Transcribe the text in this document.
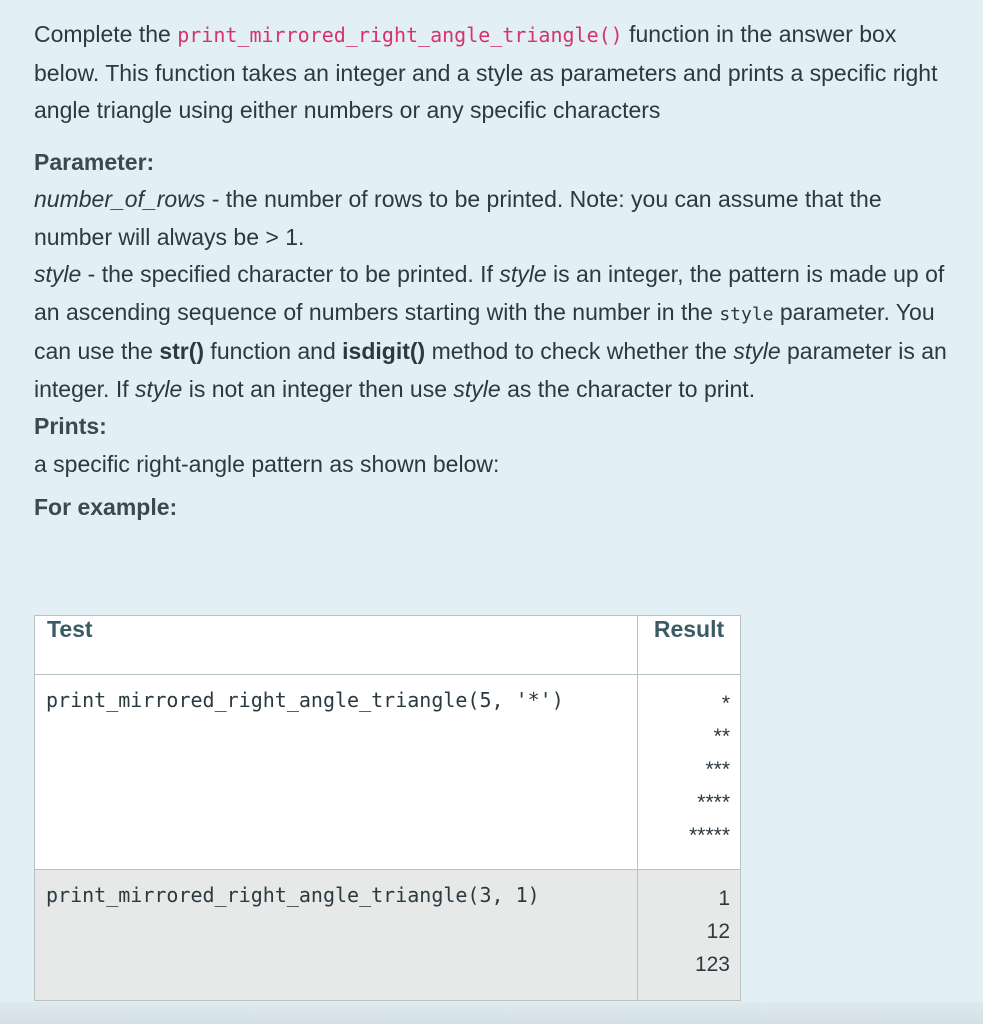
Complete the print_mirrored_right_angle_triangle() function in the answer box below. This function takes an integer and a style as parameters and prints a specific right angle triangle using either numbers or any specific characters

Parameter:

number_of_rows - the number of rows to be printed. Note: you can assume that the number will always be > 1.

style - the specified character to be printed. If style is an integer, the pattern is made up of an ascending sequence of numbers starting with the number in the style parameter. You can use the str() function and isdigit() method to check whether the style parameter is an integer. If style is not an integer then use style as the character to print.

Prints:

a specific right-angle pattern as shown below:

For example:

Test	Result
print_mirrored_right_angle_triangle(5, '*')	*
**
***
****
*****

print_mirrored_right_angle_triangle(3, 1)	1
12
123
